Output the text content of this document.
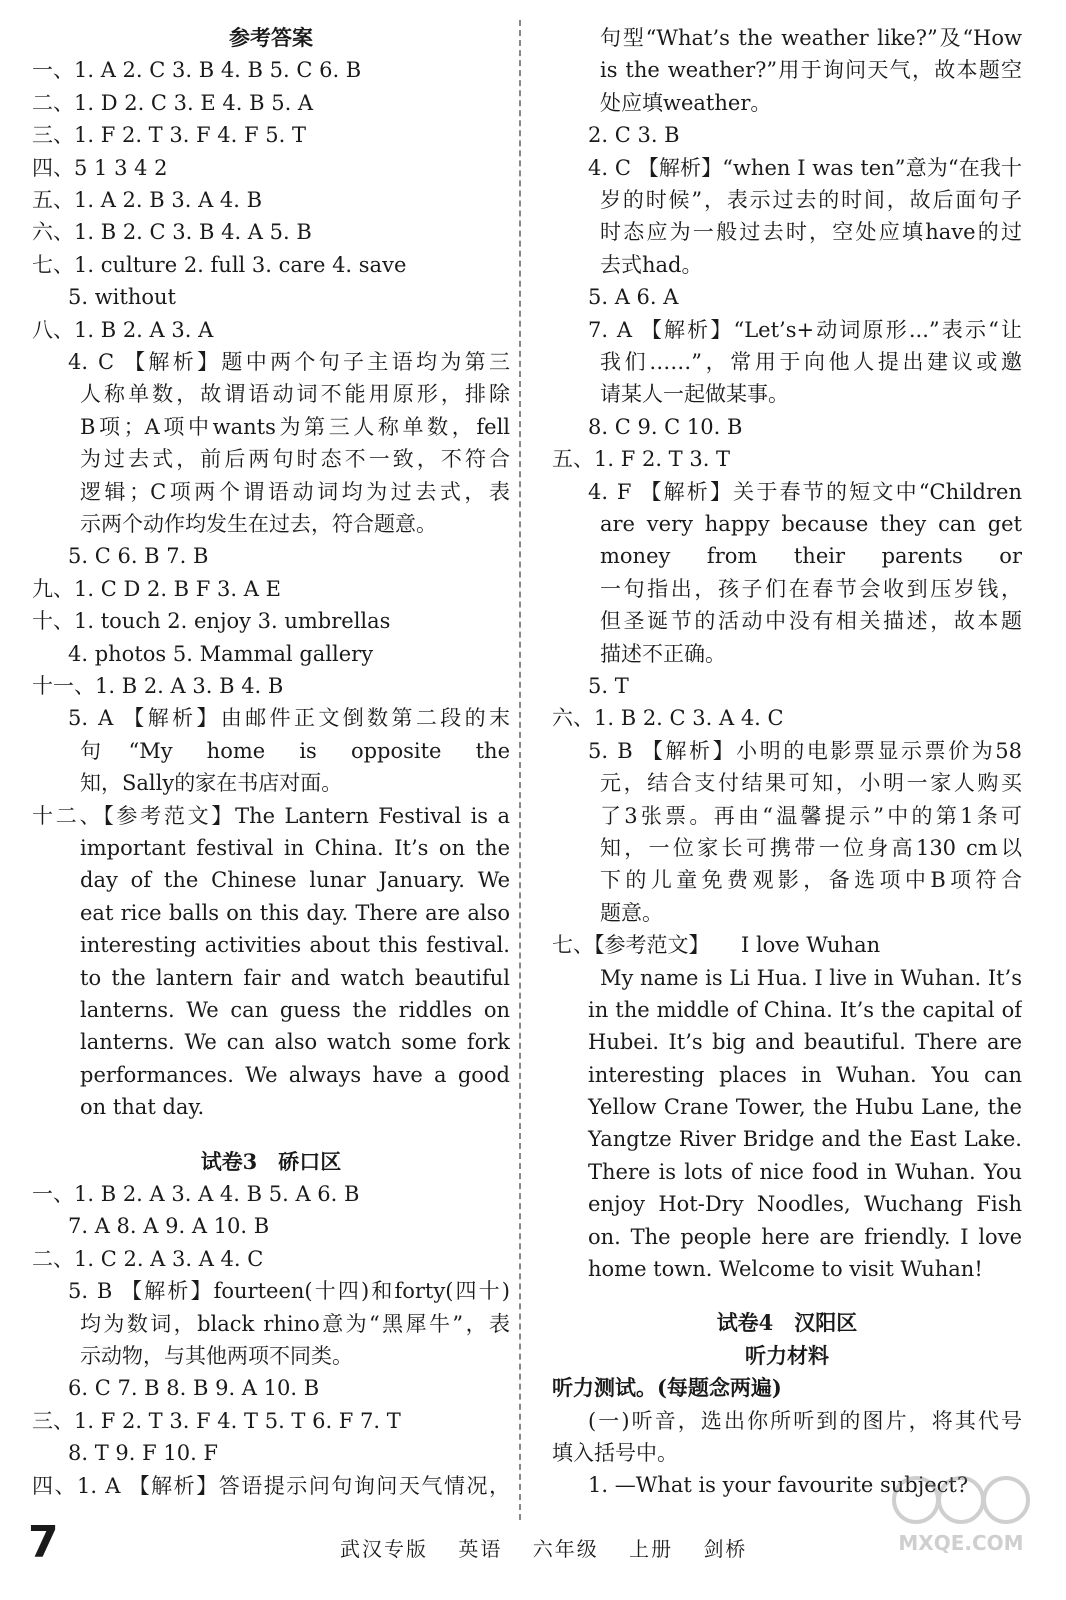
参考答案
一、1. A 2. C 3. B 4. B 5. C 6. B
二、1. D 2. C 3. E 4. B 5. A
三、1. F 2. T 3. F 4. F 5. T
四、5 1 3 4 2
五、1. A 2. B 3. A 4. B
六、1. B 2. C 3. B 4. A 5. B
七、1. culture 2. full 3. care 4. save
5. without
八、1. B 2. A 3. A
4. C 【解析】题中两个句子主语均为第三
人称单数，故谓语动词不能用原形，排除
B项；A项中wants为第三人称单数，fell
为过去式，前后两句时态不一致，不符合
逻辑；C项两个谓语动词均为过去式，表
示两个动作均发生在过去，符合题意。
5. C 6. B 7. B
九、1. C D 2. B F 3. A E
十、1. touch 2. enjoy 3. umbrellas
4. photos 5. Mammal gallery
十一、1. B 2. A 3. B 4. B
5. A 【解析】由邮件正文倒数第二段的末
句“My home is opposite the
知，Sally的家在书店对面。
十二、【参考范文】The Lantern Festival is a
important festival in China. It’s on the
day of the Chinese lunar January. We
eat rice balls on this day. There are also
interesting activities about this festival.
to the lantern fair and watch beautiful
lanterns. We can guess the riddles on
lanterns. We can also watch some fork
performances. We always have a good
on that day.
试卷3　硚口区
一、1. B 2. A 3. A 4. B 5. A 6. B
7. A 8. A 9. A 10. B
二、1. C 2. A 3. A 4. C
5. B 【解析】fourteen(十四)和forty(四十)
均为数词，black rhino意为“黑犀牛”，表
示动物，与其他两项不同类。
6. C 7. B 8. B 9. A 10. B
三、1. F 2. T 3. F 4. T 5. T 6. F 7. T
8. T 9. F 10. F
四、1. A 【解析】答语提示问句询问天气情况，
句型“What’s the weather like?”及“How
is the weather?”用于询问天气，故本题空
处应填weather。
2. C 3. B
4. C 【解析】“when I was ten”意为“在我十
岁的时候”，表示过去的时间，故后面句子
时态应为一般过去时，空处应填have的过
去式had。
5. A 6. A
7. A 【解析】“Let’s+动词原形...”表示“让
我们……”，常用于向他人提出建议或邀
请某人一起做某事。
8. C 9. C 10. B
五、1. F 2. T 3. T
4. F 【解析】关于春节的短文中“Children
are very happy because they can get
money from their parents or
一句指出，孩子们在春节会收到压岁钱，
但圣诞节的活动中没有相关描述，故本题
描述不正确。
5. T
六、1. B 2. C 3. A 4. C
5. B 【解析】小明的电影票显示票价为58
元，结合支付结果可知，小明一家人购买
了3张票。再由“温馨提示”中的第1条可
知，一位家长可携带一位身高130 cm以
下的儿童免费观影，备选项中B项符合
题意。
七、【参考范文】　　I love Wuhan
My name is Li Hua. I live in Wuhan. It’s
in the middle of China. It’s the capital of
Hubei. It’s big and beautiful. There are
interesting places in Wuhan. You can
Yellow Crane Tower, the Hubu Lane, the
Yangtze River Bridge and the East Lake.
There is lots of nice food in Wuhan. You
enjoy Hot-Dry Noodles, Wuchang Fish
on. The people here are friendly. I love
home town. Welcome to visit Wuhan!
试卷4　汉阳区
听力材料
听力测试。(每题念两遍)
(一)听音，选出你所听到的图片，将其代号
填入括号中。
1. —What is your favourite subject?
7	武汉专版 英语 六年级 上册 剑桥	MXQE.COM
